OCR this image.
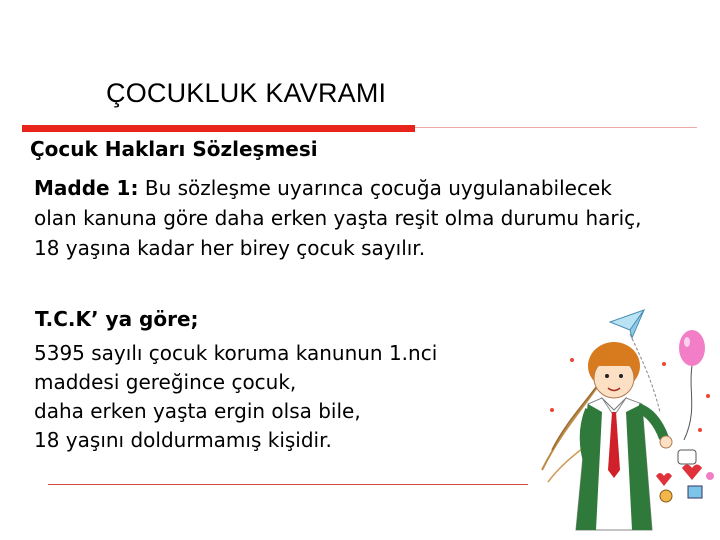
ÇOCUKLUK KAVRAMI
Çocuk Hakları Sözleşmesi
Madde 1: Bu sözleşme uyarınca çocuğa uygulanabilecek olan kanuna göre daha erken yaşta reşit olma durumu hariç, 18 yaşına kadar her birey çocuk sayılır.
T.C.K’ ya göre;
5395 sayılı çocuk koruma kanunun 1.nci
maddesi gereğince çocuk,
daha erken yaşta ergin olsa bile,
18 yaşını doldurmamış kişidir.
